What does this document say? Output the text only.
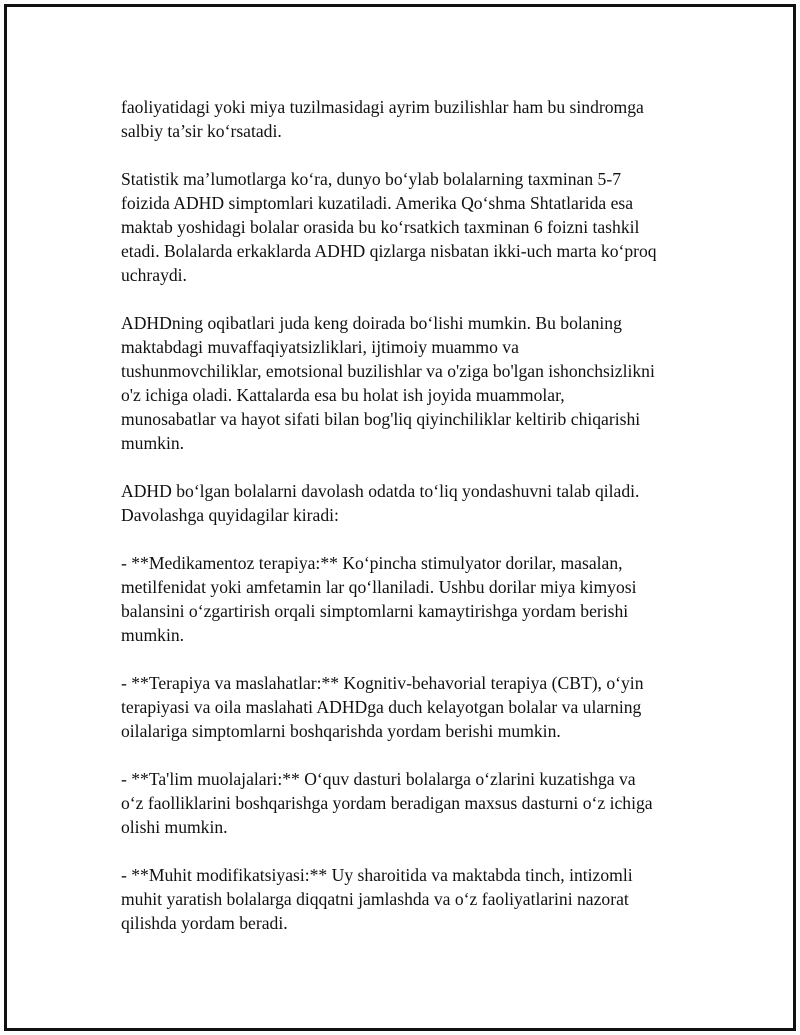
faoliyatidagi yoki miya tuzilmasidagi ayrim buzilishlar ham bu sindromga
salbiy ta’sir ko‘rsatadi.

Statistik ma’lumotlarga ko‘ra, dunyo bo‘ylab bolalarning taxminan 5-7
foizida ADHD simptomlari kuzatiladi. Amerika Qo‘shma Shtatlarida esa
maktab yoshidagi bolalar orasida bu ko‘rsatkich taxminan 6 foizni tashkil
etadi. Bolalarda erkaklarda ADHD qizlarga nisbatan ikki-uch marta ko‘proq
uchraydi.

ADHDning oqibatlari juda keng doirada bo‘lishi mumkin. Bu bolaning
maktabdagi muvaffaqiyatsizliklari, ijtimoiy muammo va
tushunmovchiliklar, emotsional buzilishlar va o'ziga bo'lgan ishonchsizlikni
o'z ichiga oladi. Kattalarda esa bu holat ish joyida muammolar,
munosabatlar va hayot sifati bilan bog'liq qiyinchiliklar keltirib chiqarishi
mumkin.

ADHD bo‘lgan bolalarni davolash odatda to‘liq yondashuvni talab qiladi.
Davolashga quyidagilar kiradi:

- **Medikamentoz terapiya:** Ko‘pincha stimulyator dorilar, masalan,
metilfenidat yoki amfetamin lar qo‘llaniladi. Ushbu dorilar miya kimyosi
balansini o‘zgartirish orqali simptomlarni kamaytirishga yordam berishi
mumkin.

- **Terapiya va maslahatlar:** Kognitiv-behavorial terapiya (CBT), o‘yin
terapiyasi va oila maslahati ADHDga duch kelayotgan bolalar va ularning
oilalariga simptomlarni boshqarishda yordam berishi mumkin.

- **Ta'lim muolajalari:** O‘quv dasturi bolalarga o‘zlarini kuzatishga va
o‘z faolliklarini boshqarishga yordam beradigan maxsus dasturni o‘z ichiga
olishi mumkin.

- **Muhit modifikatsiyasi:** Uy sharoitida va maktabda tinch, intizomli
muhit yaratish bolalarga diqqatni jamlashda va o‘z faoliyatlarini nazorat
qilishda yordam beradi.
